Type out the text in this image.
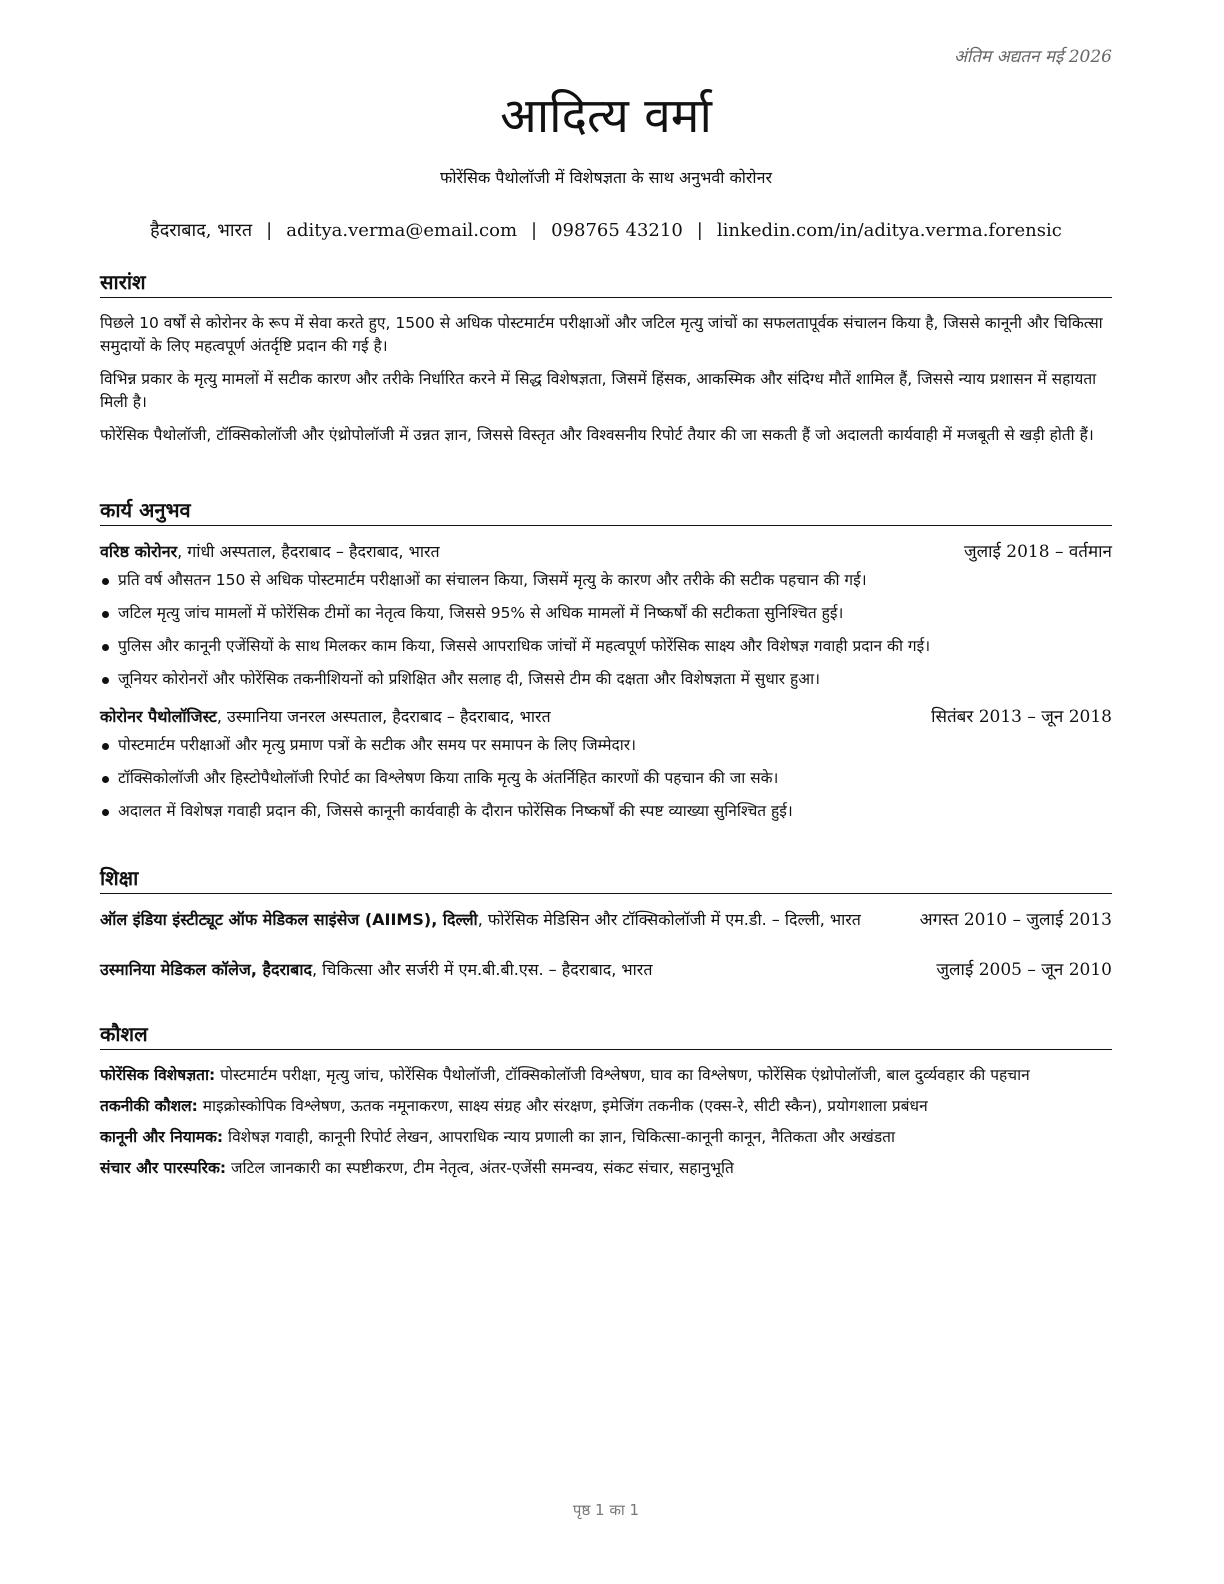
अंतिम अद्यतन मई 2026
आदित्य वर्मा
फोरेंसिक पैथोलॉजी में विशेषज्ञता के साथ अनुभवी कोरोनर
हैदराबाद, भारत | aditya.verma@email.com | 098765 43210 | linkedin.com/in/aditya.verma.forensic
सारांश

पिछले 10 वर्षों से कोरोनर के रूप में सेवा करते हुए, 1500 से अधिक पोस्टमार्टम परीक्षाओं और जटिल मृत्यु जांचों का सफलतापूर्वक संचालन किया है, जिससे कानूनी और चिकित्सा समुदायों के लिए महत्वपूर्ण अंतर्दृष्टि प्रदान की गई है।

विभिन्न प्रकार के मृत्यु मामलों में सटीक कारण और तरीके निर्धारित करने में सिद्ध विशेषज्ञता, जिसमें हिंसक, आकस्मिक और संदिग्ध मौतें शामिल हैं, जिससे न्याय प्रशासन में सहायता मिली है।

फोरेंसिक पैथोलॉजी, टॉक्सिकोलॉजी और एंथ्रोपोलॉजी में उन्नत ज्ञान, जिससे विस्तृत और विश्वसनीय रिपोर्ट तैयार की जा सकती हैं जो अदालती कार्यवाही में मजबूती से खड़ी होती हैं।

कार्य अनुभव
वरिष्ठ कोरोनर, गांधी अस्पताल, हैदराबाद – हैदराबाद, भारत	जुलाई 2018 – वर्तमान
प्रति वर्ष औसतन 150 से अधिक पोस्टमार्टम परीक्षाओं का संचालन किया, जिसमें मृत्यु के कारण और तरीके की सटीक पहचान की गई।
जटिल मृत्यु जांच मामलों में फोरेंसिक टीमों का नेतृत्व किया, जिससे 95% से अधिक मामलों में निष्कर्षों की सटीकता सुनिश्चित हुई।
पुलिस और कानूनी एजेंसियों के साथ मिलकर काम किया, जिससे आपराधिक जांचों में महत्वपूर्ण फोरेंसिक साक्ष्य और विशेषज्ञ गवाही प्रदान की गई।
जूनियर कोरोनरों और फोरेंसिक तकनीशियनों को प्रशिक्षित और सलाह दी, जिससे टीम की दक्षता और विशेषज्ञता में सुधार हुआ।
कोरोनर पैथोलॉजिस्ट, उस्मानिया जनरल अस्पताल, हैदराबाद – हैदराबाद, भारत	सितंबर 2013 – जून 2018
पोस्टमार्टम परीक्षाओं और मृत्यु प्रमाण पत्रों के सटीक और समय पर समापन के लिए जिम्मेदार।
टॉक्सिकोलॉजी और हिस्टोपैथोलॉजी रिपोर्ट का विश्लेषण किया ताकि मृत्यु के अंतर्निहित कारणों की पहचान की जा सके।
अदालत में विशेषज्ञ गवाही प्रदान की, जिससे कानूनी कार्यवाही के दौरान फोरेंसिक निष्कर्षों की स्पष्ट व्याख्या सुनिश्चित हुई।
शिक्षा
ऑल इंडिया इंस्टीट्यूट ऑफ मेडिकल साइंसेज (AIIMS), दिल्ली, फोरेंसिक मेडिसिन और टॉक्सिकोलॉजी में एम.डी. – दिल्ली, भारत	अगस्त 2010 – जुलाई 2013
उस्मानिया मेडिकल कॉलेज, हैदराबाद, चिकित्सा और सर्जरी में एम.बी.बी.एस. – हैदराबाद, भारत	जुलाई 2005 – जून 2010
कौशल
फोरेंसिक विशेषज्ञता: पोस्टमार्टम परीक्षा, मृत्यु जांच, फोरेंसिक पैथोलॉजी, टॉक्सिकोलॉजी विश्लेषण, घाव का विश्लेषण, फोरेंसिक एंथ्रोपोलॉजी, बाल दुर्व्यवहार की पहचान
तकनीकी कौशल: माइक्रोस्कोपिक विश्लेषण, ऊतक नमूनाकरण, साक्ष्य संग्रह और संरक्षण, इमेजिंग तकनीक (एक्स-रे, सीटी स्कैन), प्रयोगशाला प्रबंधन
कानूनी और नियामक: विशेषज्ञ गवाही, कानूनी रिपोर्ट लेखन, आपराधिक न्याय प्रणाली का ज्ञान, चिकित्सा-कानूनी कानून, नैतिकता और अखंडता
संचार और पारस्परिक: जटिल जानकारी का स्पष्टीकरण, टीम नेतृत्व, अंतर-एजेंसी समन्वय, संकट संचार, सहानुभूति
पृष्ठ 1 का 1
